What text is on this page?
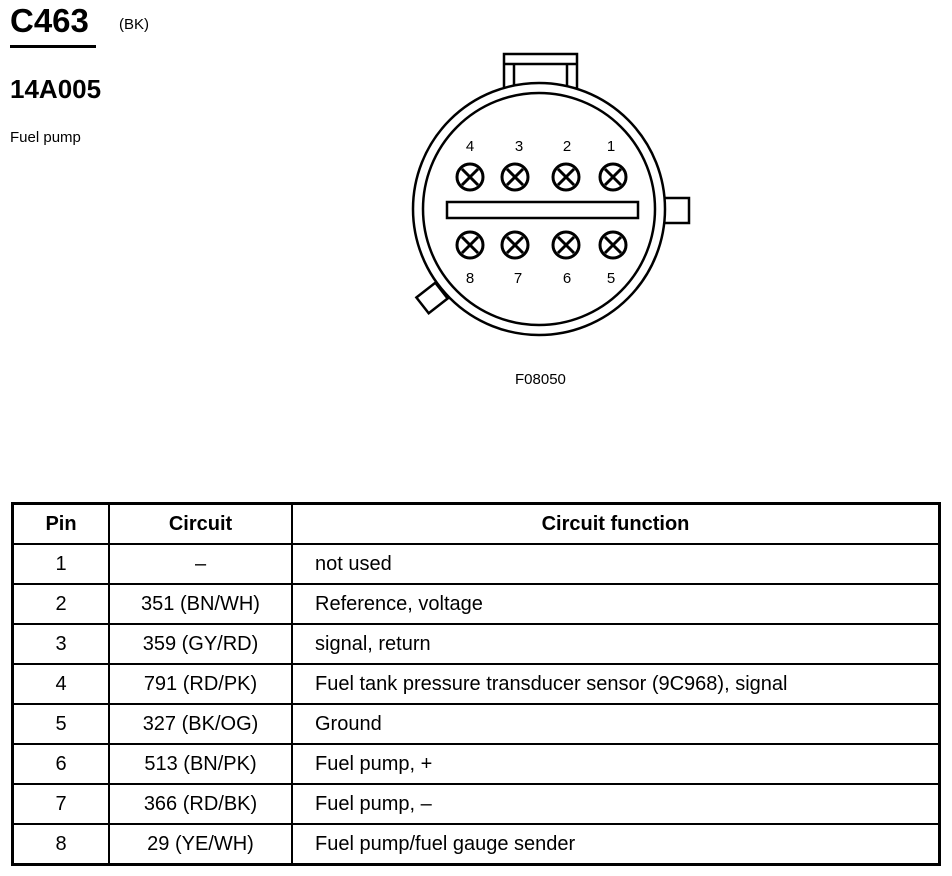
C463 (BK)
14A005
Fuel pump
4	3	2 1
8	7	6 5
F08050
Pin	Circuit	Circuit function
1	–	not used
2	351 (BN/WH)	Reference, voltage
3	359 (GY/RD)	signal, return
4	791 (RD/PK)	Fuel tank pressure transducer sensor (9C968), signal
5	327 (BK/OG)	Ground
6	513 (BN/PK)	Fuel pump, +
7	366 (RD/BK)	Fuel pump, –
8	29 (YE/WH)	Fuel pump/fuel gauge sender
